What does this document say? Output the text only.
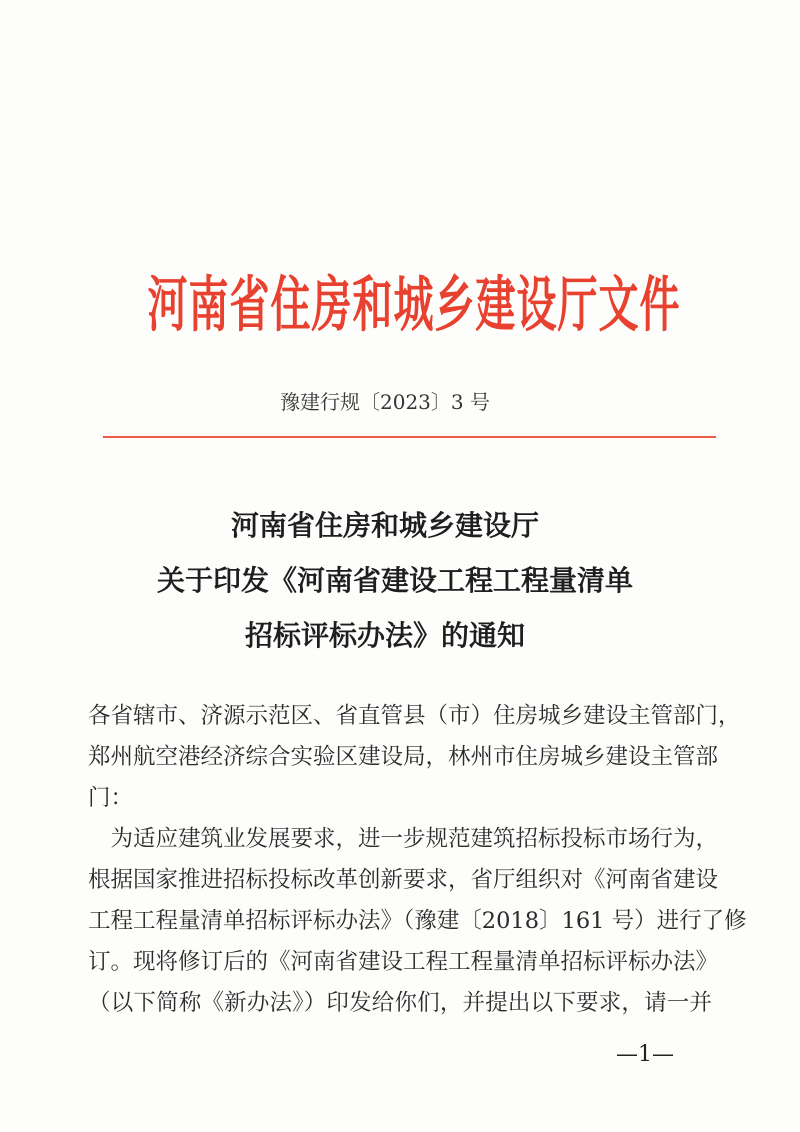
河南省住房和城乡建设厅文件
豫建行规〔2023〕3 号
河南省住房和城乡建设厅
关于印发《河南省建设工程工程量清单
招标评标办法》的通知
各省辖市、济源示范区、省直管县（市）住房城乡建设主管部门，
郑州航空港经济综合实验区建设局，林州市住房城乡建设主管部
门：
　为适应建筑业发展要求，进一步规范建筑招标投标市场行为，
根据国家推进招标投标改革创新要求，省厅组织对《河南省建设
工程工程量清单招标评标办法》（豫建〔2018〕161 号）进行了修
订。现将修订后的《河南省建设工程工程量清单招标评标办法》
（以下简称《新办法》）印发给你们，并提出以下要求，请一并
—1—
